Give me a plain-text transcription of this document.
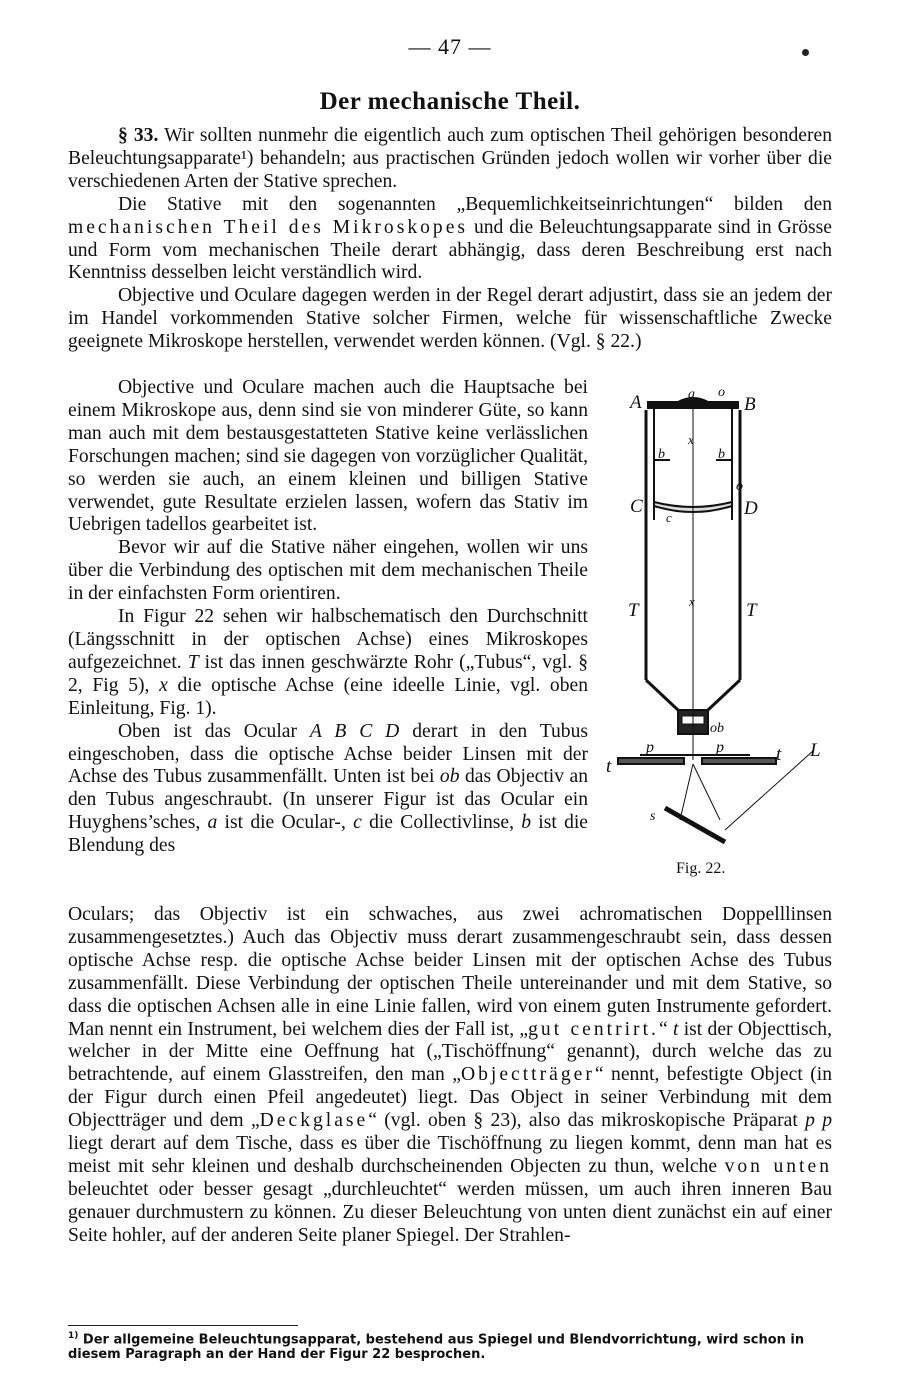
— 47 —
Der mechanische Theil.

§ 33. Wir sollten nunmehr die eigentlich auch zum optischen Theil gehörigen besonderen Beleuchtungsapparate¹) behandeln; aus practischen Gründen jedoch wollen wir vorher über die verschiedenen Arten der Stative sprechen.

Die Stative mit den sogenannten „Bequemlichkeitseinrichtungen“ bilden den mechanischen Theil des Mikroskopes und die Beleuchtungsapparate sind in Grösse und Form vom mechanischen Theile derart abhängig, dass deren Beschreibung erst nach Kenntniss desselben leicht verständlich wird.

Objective und Oculare dagegen werden in der Regel derart adjustirt, dass sie an jedem der im Handel vorkommenden Stative solcher Firmen, welche für wissenschaftliche Zwecke geeignete Mikroskope herstellen, verwendet werden können. (Vgl. § 22.)

Objective und Oculare machen auch die Hauptsache bei einem Mikroskope aus, denn sind sie von minderer Güte, so kann man auch mit dem bestausgestatteten Stative keine verlässlichen Forschungen machen; sind sie dagegen von vorzüglicher Qualität, so werden sie auch, an einem kleinen und billigen Stative verwendet, gute Resultate erzielen lassen, wofern das Stativ im Uebrigen tadellos gearbeitet ist.

Bevor wir auf die Stative näher eingehen, wollen wir uns über die Verbindung des optischen mit dem mechanischen Theile in der einfachsten Form orientiren.

In Figur 22 sehen wir halbschematisch den Durchschnitt (Längsschnitt in der optischen Achse) eines Mikroskopes aufgezeichnet. T ist das innen geschwärzte Rohr („Tubus“, vgl. § 2, Fig 5), x die optische Achse (eine ideelle Linie, vgl. oben Einleitung, Fig. 1).

Oben ist das Ocular A B C D derart in den Tubus eingeschoben, dass die optische Achse beider Linsen mit der Achse des Tubus zusammenfällt. Unten ist bei ob das Objectiv an den Tubus angeschraubt. (In unserer Figur ist das Ocular ein Huyghens’sches, a ist die Ocular-, c die Collectivlinse, b ist die Blendung des

Oculars; das Objectiv ist ein schwaches, aus zwei achromatischen Doppelllinsen zusammengesetztes.) Auch das Objectiv muss derart zusammengeschraubt sein, dass dessen optische Achse resp. die optische Achse beider Linsen mit der optischen Achse des Tubus zusammenfällt. Diese Verbindung der optischen Theile untereinander und mit dem Stative, so dass die optischen Achsen alle in eine Linie fallen, wird von einem guten Instrumente gefordert. Man nennt ein Instrument, bei welchem dies der Fall ist, „gut centrirt.“ t ist der Objecttisch, welcher in der Mitte eine Oeffnung hat („Tischöffnung“ genannt), durch welche das zu betrachtende, auf einem Glasstreifen, den man „Objectträger“ nennt, befestigte Object (in der Figur durch einen Pfeil angedeutet) liegt. Das Object in seiner Verbindung mit dem Objectträger und dem „Deckglase“ (vgl. oben § 23), also das mikroskopische Präparat p p liegt derart auf dem Tische, dass es über die Tischöffnung zu liegen kommt, denn man hat es meist mit sehr kleinen und deshalb durchscheinenden Objecten zu thun, welche von unten beleuchtet oder besser gesagt „durchleuchtet“ werden müssen, um auch ihren inneren Bau genauer durchmustern zu können. Zu dieser Beleuchtung von unten dient zunächst ein auf einer Seite hohler, auf der anderen Seite planer Spiegel. Der Strahlen-

A	a o
B
x
b	b
o
C
c	D
T	x	T
ob
p	p
t
t L
s
Fig. 22.
$^{1)}$ Der allgemeine Beleuchtungsapparat, bestehend aus Spiegel und Blendvorrichtung, wird schon in diesem Paragraph an der Hand der Figur 22 besprochen.
